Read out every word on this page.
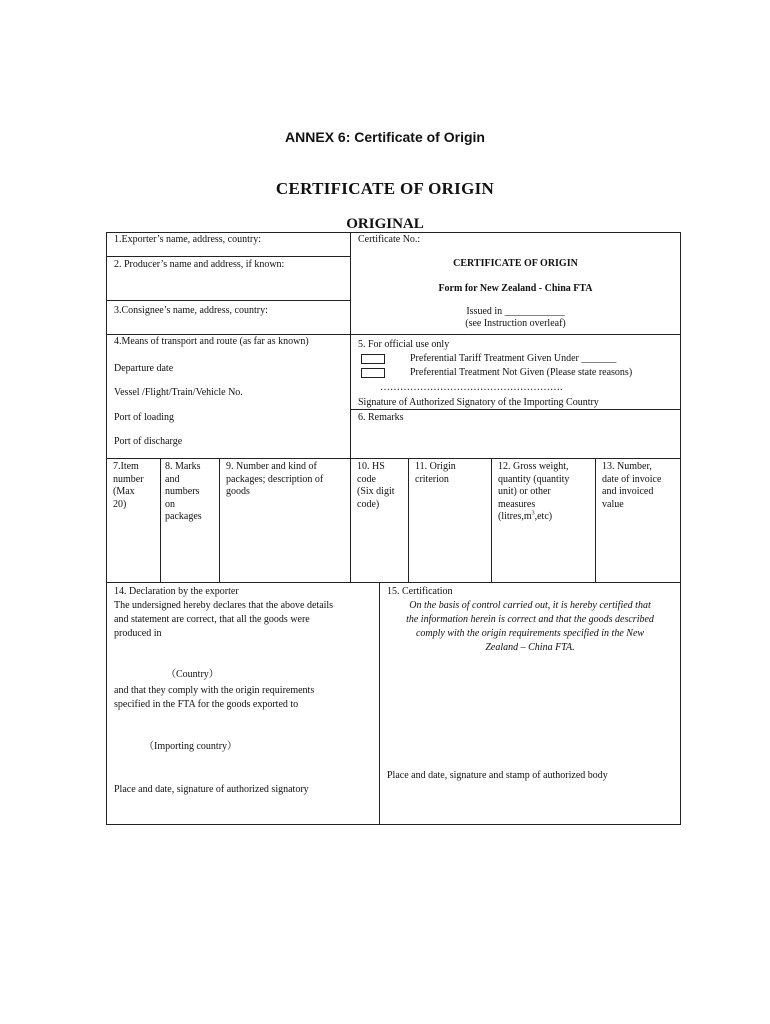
ANNEX 6: Certificate of Origin
CERTIFICATE OF ORIGIN
ORIGINAL
1.Exporter’s name, address, country:	Certificate No.:
2. Producer’s name and address, if known:	CERTIFICATE OF ORIGIN
Form for New Zealand - China FTA
Issued in ____________
(see Instruction overleaf)
3.Consignee’s name, address, country:
4.Means of transport and route (as far as known)
Departure date
Vessel /Flight/Train/Vehicle No.
Port of loading
Port of discharge
5. For official use only
Preferential Tariff Treatment Given Under _______
Preferential Treatment Not Given (Please state reasons)
……………………………………………….
Signature of Authorized Signatory of the Importing Country
6. Remarks
7.Item
number
(Max
20)
8. Marks
and
numbers
on
packages
9. Number and kind of
packages; description of
goods
10. HS
code
(Six digit
code)
11. Origin
criterion
12. Gross weight,
quantity (quantity
unit) or other
measures
$(litres,m^3,etc)$
13. Number,
date of invoice
and invoiced
value
14. Declaration by the exporter
The undersigned hereby declares that the above details
and statement are correct, that all the goods were
produced in
（Country）
and that they comply with the origin requirements
specified in the FTA for the goods exported to
（Importing country）
Place and date, signature of authorized signatory
15. Certification
On the basis of control carried out, it is hereby certified that
the information herein is correct and that the goods described
comply with the origin requirements specified in the New
Zealand – China FTA.
Place and date, signature and stamp of authorized body
